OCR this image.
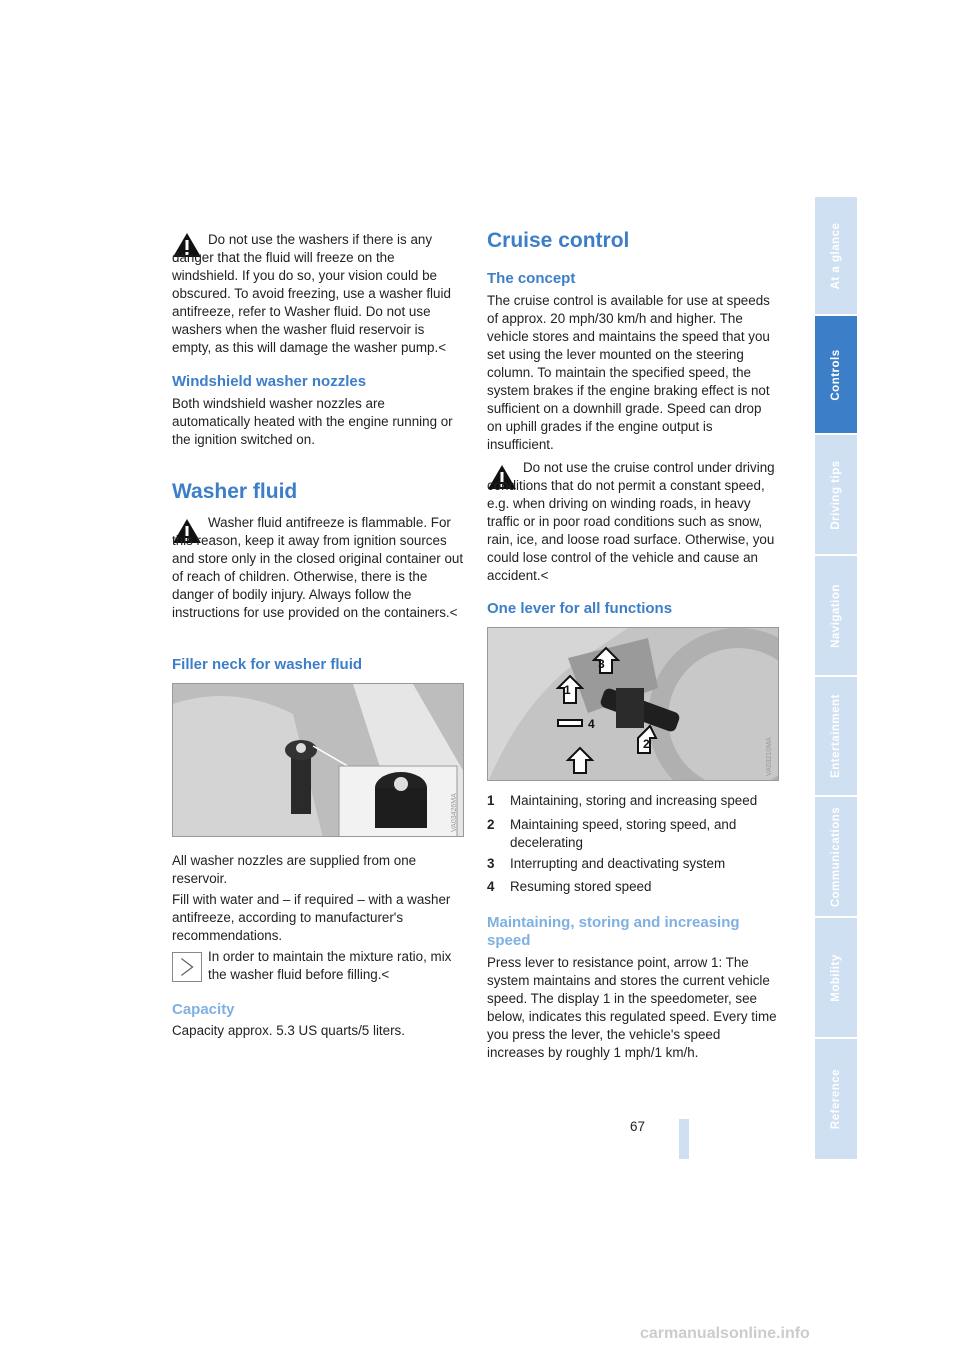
Do not use the washers if there is any danger that the fluid will freeze on the windshield. If you do so, your vision could be obscured. To avoid freezing, use a washer fluid antifreeze, refer to Washer fluid. Do not use washers when the washer fluid reservoir is empty, as this will damage the washer pump.<

Windshield washer nozzles

Both windshield washer nozzles are automatically heated with the engine running or the ignition switched on.

Washer fluid

Washer fluid antifreeze is flammable. For this reason, keep it away from ignition sources and store only in the closed original container out of reach of children. Otherwise, there is the danger of bodily injury. Always follow the instructions for use provided on the containers.<

Filler neck for washer fluid
VA03426MA

All washer nozzles are supplied from one reservoir.

Fill with water and – if required – with a washer antifreeze, according to manufacturer's recommendations.

In order to maintain the mixture ratio, mix the washer fluid before filling.<

Capacity

Capacity approx. 5.3 US quarts/5 liters.

Cruise control
The concept

The cruise control is available for use at speeds of approx. 20 mph/30 km/h and higher. The vehicle stores and maintains the speed that you set using the lever mounted on the steering column. To maintain the specified speed, the system brakes if the engine braking effect is not sufficient on a downhill grade. Speed can drop on uphill grades if the engine output is insufficient.

Do not use the cruise control under driving conditions that do not permit a constant speed, e.g. when driving on winding roads, in heavy traffic or in poor road conditions such as snow, rain, ice, and loose road surface. Otherwise, you could lose control of the vehicle and cause an accident.<

One lever for all functions
1
2
3
4
VA03210MA
1 Maintaining, storing and increasing speed
2 Maintaining speed, storing speed, and decelerating
3 Interrupting and deactivating system
4 Resuming stored speed
Maintaining, storing and increasing speed

Press lever to resistance point, arrow 1: The system maintains and stores the current vehicle speed. The display 1 in the speedometer, see below, indicates this regulated speed. Every time you press the lever, the vehicle's speed increases by roughly 1 mph/1 km/h.

At a glance
Controls
Driving tips
Navigation
Entertainment
Communications
Mobility
Reference
67
carmanualsonline.info
